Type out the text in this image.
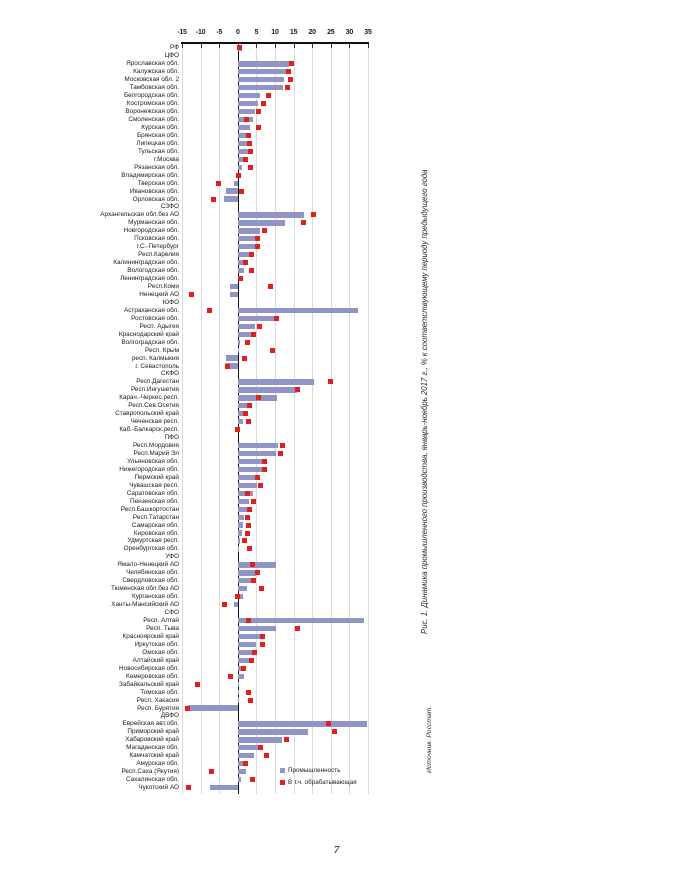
-15	-10	-5	0	5	10	15	20	25	30	35
РФ
ЦФО
Ярославская обл.
Калужская обл.
Московская обл. 2
Тамбовская обл.
Белгородская обл.
Костромская обл.
Воронежская обл.
Смоленская обл.
Курская обл.
Брянская обл.
Липецкая обл.
Тульская обл.
г.Москва
Рязанская обл.
Владимирская обл.
Тверская обл.
Ивановская обл.
Орловская обл.
СЗФО
Архангельская обл.без АО
Мурманская обл.
Новгородская обл.
Псковская обл.
г.С.-Петербург
Респ.Карелия
Калининградская обл.
Вологодская обл.
Ленинградская обл.
Респ.Коми
Ненецкий АО
ЮФО
Астраханская обл.
Ростовская обл.
Респ. Адыгея
Краснодарский край
Волгоградская обл.
Респ. Крым
респ. Калмыкия
г. Севастополь
СКФО
Респ.Дагестан
Респ.Ингушетия
Карач.-Черкес.респ.
Респ.Сев.Осетия
Ставропольский край
Чеченская респ.
Каб.-Балкарск.респ.
ПФО
Респ.Мордовия
Респ.Марий Эл
Ульяновская обл.
Нижегородская обл.
Пермский край
Чувашская респ.
Саратовская обл.
Пензенская обл.
Респ.Башкортостан
Респ.Татарстан
Самарская обл.
Кировская обл.
Удмуртская респ.
Оренбургская обл.
УФО
Ямало-Ненецкий АО
Челябинская обл.
Свердловская обл.
Тюменская обл.без АО
Курганская обл.
Ханты-Мансийский АО
СФО
Респ. Алтай
Респ. Тыва
Красноярский край
Иркутская обл.
Омская обл.
Алтайский край
Новосибирская обл.
Кемеровская обл.
Забайкальский край
Томская обл.
Респ. Хакасия
Респ. Бурятия
ДВФО
Еврейская авт.обл.
Приморский край
Хабаровский край
Магаданская обл.
Камчатский край
Амурская обл.
Респ.Саха (Якутия)
Сахалинская обл.
Чукотский АО
Промышленность
В т.ч. обрабатывающая
Рис. 1. Динамика промышленного производства, январь-ноябрь 2017 г., % к соответствующему периоду предыдущего года
Источник: Росстат.
7
